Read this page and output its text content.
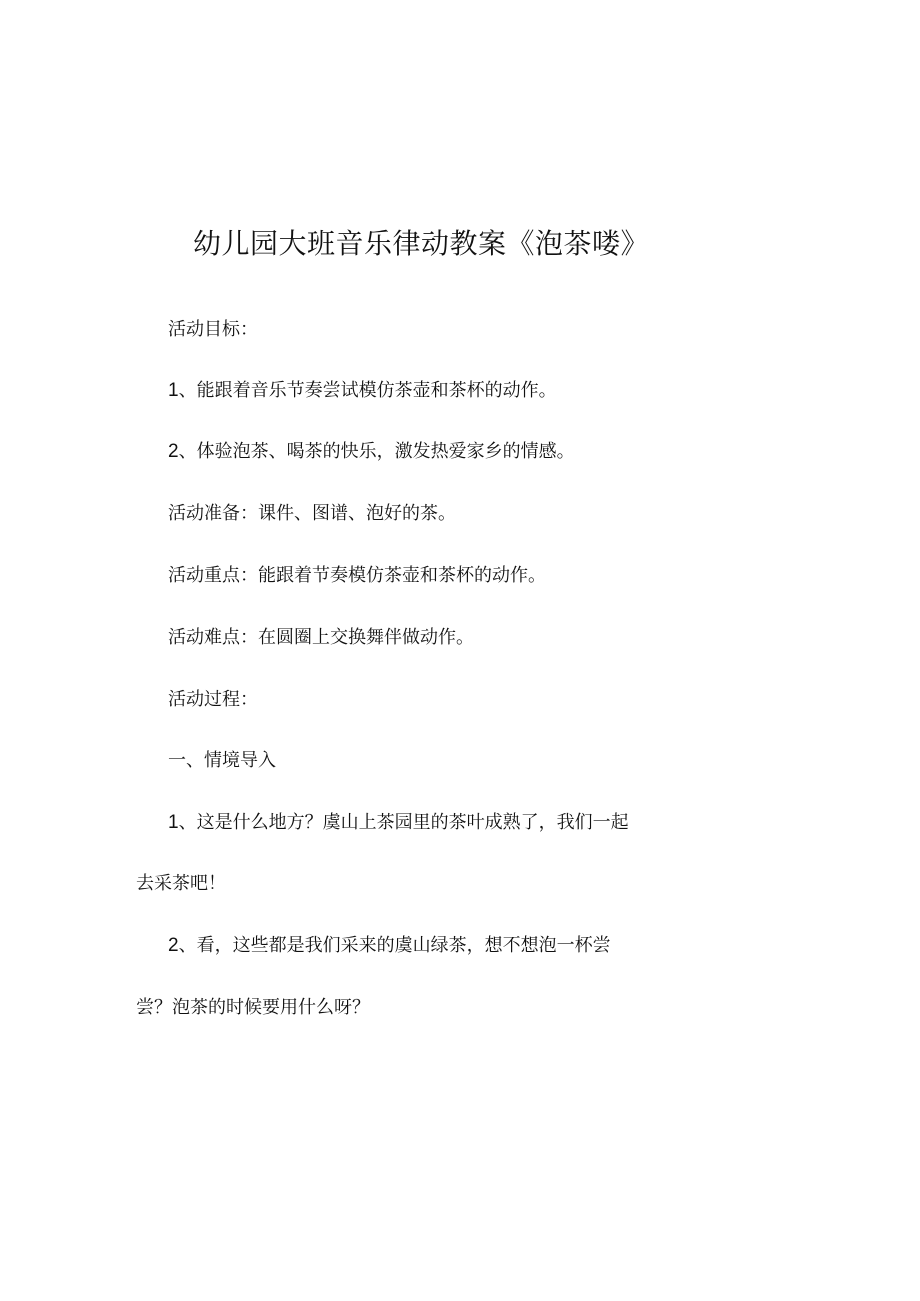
幼儿园大班音乐律动教案《泡茶喽》

活动目标：

1、能跟着音乐节奏尝试模仿茶壶和茶杯的动作。

2、体验泡茶、喝茶的快乐，激发热爱家乡的情感。

活动准备：课件、图谱、泡好的茶。

活动重点：能跟着节奏模仿茶壶和茶杯的动作。

活动难点：在圆圈上交换舞伴做动作。

活动过程：

一、情境导入

1、这是什么地方？虞山上茶园里的茶叶成熟了，我们一起

去采茶吧！

2、看，这些都是我们采来的虞山绿茶，想不想泡一杯尝

尝？泡茶的时候要用什么呀？
